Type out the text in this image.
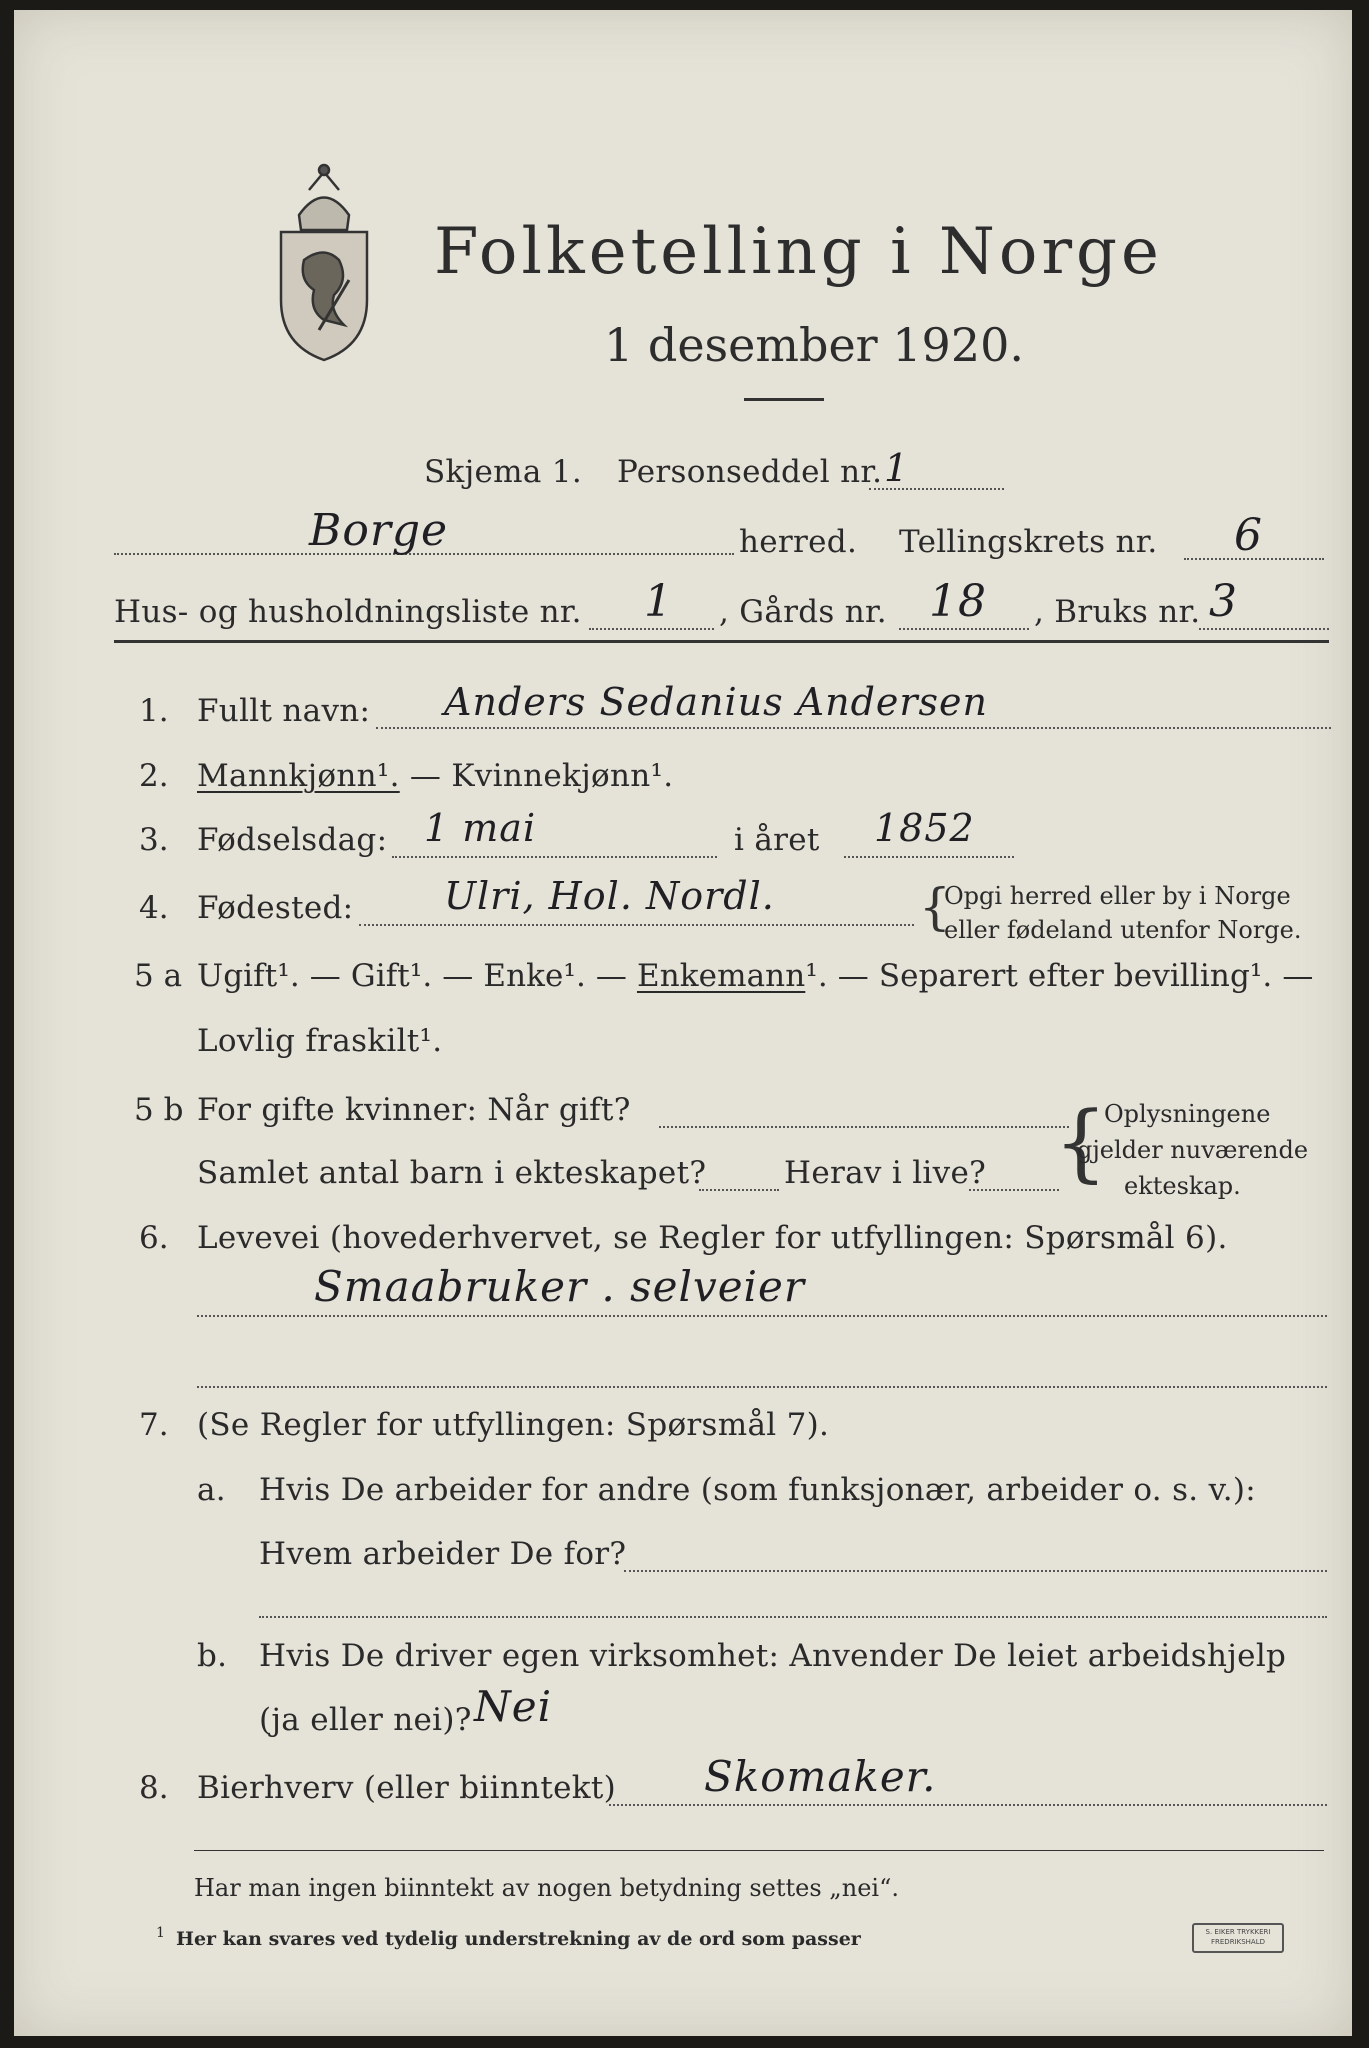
Folketelling i Norge
1 desember 1920.
Skjema 1. Personseddel nr. 1
Borge	herred. Tellingskrets nr. 6
Hus- og husholdningsliste nr. 1 , Gårds nr. 18 , Bruks nr. 3
1. Fullt navn: Anders Sedanius Andersen
2. Mannkjønn¹. — Kvinnekjønn¹.
3. Fødselsdag: 1 mai	i året 1852
4. Fødested: Ulri, Hol. Nordl.	{
Opgi herred eller by i Norge
eller fødeland utenfor Norge.
5 a Ugift¹. — Gift¹. — Enke¹. — Enkemann¹. — Separert efter bevilling¹. —
Lovlig fraskilt¹.
5 b For gifte kvinner: Når gift?
Samlet antal barn i ekteskapet?	Herav i live? {
Oplysningene
gjelder nuværende
ekteskap.
6. Levevei (hovederhvervet, se Regler for utfyllingen: Spørsmål 6).
Smaabruker . selveier
7. (Se Regler for utfyllingen: Spørsmål 7).
a. Hvis De arbeider for andre (som funksjonær, arbeider o. s. v.):
Hvem arbeider De for?
b. Hvis De driver egen virksomhet: Anvender De leiet arbeidshjelp
(ja eller nei)? Nei
8. Bierhverv (eller biinntekt) Skomaker.
Har man ingen biinntekt av nogen betydning settes „nei“.
1 Her kan svares ved tydelig understrekning av de ord som passer	S. EIKER TRYKKERI
FREDRIKSHALD
